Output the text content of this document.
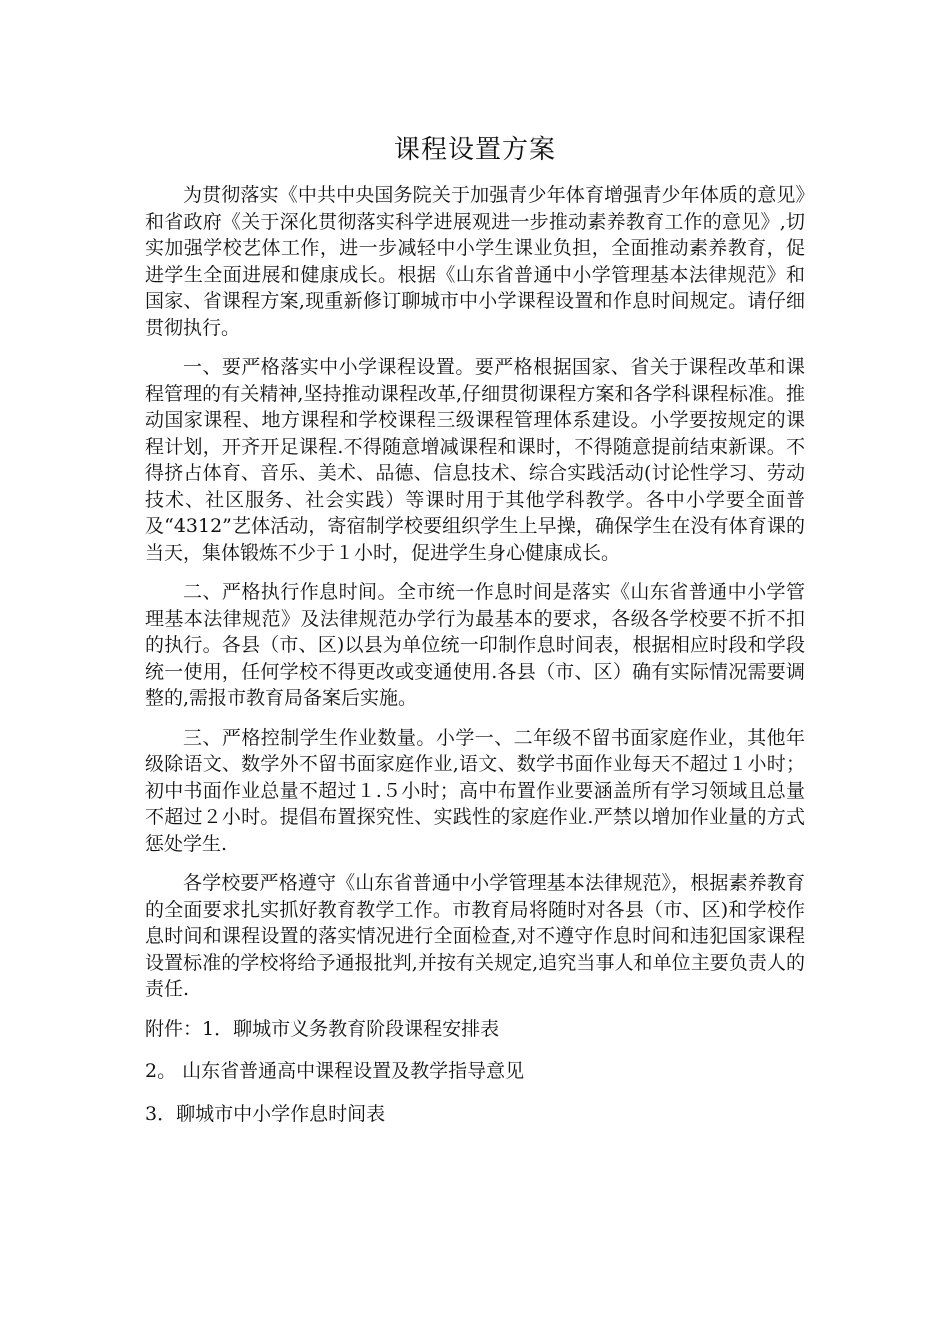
课程设置方案

为贯彻落实《中共中央国务院关于加强青少年体育增强青少年体质的意见》和省政府《关于深化贯彻落实科学进展观进一步推动素养教育工作的意见》,切实加强学校艺体工作，进一步减轻中小学生课业负担，全面推动素养教育，促进学生全面进展和健康成长。根据《山东省普通中小学管理基本法律规范》和国家、省课程方案,现重新修订聊城市中小学课程设置和作息时间规定。请仔细贯彻执行。

一、要严格落实中小学课程设置。要严格根据国家、省关于课程改革和课程管理的有关精神,坚持推动课程改革,仔细贯彻课程方案和各学科课程标准。推动国家课程、地方课程和学校课程三级课程管理体系建设。小学要按规定的课程计划，开齐开足课程.不得随意增减课程和课时，不得随意提前结束新课。不得挤占体育、音乐、美术、品德、信息技术、综合实践活动(讨论性学习、劳动技术、社区服务、社会实践）等课时用于其他学科教学。各中小学要全面普及“4312”艺体活动，寄宿制学校要组织学生上早操，确保学生在没有体育课的当天，集体锻炼不少于１小时，促进学生身心健康成长。

二、严格执行作息时间。全市统一作息时间是落实《山东省普通中小学管理基本法律规范》及法律规范办学行为最基本的要求，各级各学校要不折不扣的执行。各县（市、区)以县为单位统一印制作息时间表，根据相应时段和学段统一使用，任何学校不得更改或变通使用.各县（市、区）确有实际情况需要调整的,需报市教育局备案后实施。

三、严格控制学生作业数量。小学一、二年级不留书面家庭作业，其他年级除语文、数学外不留书面家庭作业,语文、数学书面作业每天不超过１小时；初中书面作业总量不超过１.５小时；高中布置作业要涵盖所有学习领域且总量不超过２小时。提倡布置探究性、实践性的家庭作业.严禁以增加作业量的方式惩处学生.

各学校要严格遵守《山东省普通中小学管理基本法律规范》，根据素养教育的全面要求扎实抓好教育教学工作。市教育局将随时对各县（市、区)和学校作息时间和课程设置的落实情况进行全面检查,对不遵守作息时间和违犯国家课程设置标准的学校将给予通报批判,并按有关规定,追究当事人和单位主要负责人的责任.

附件：1．聊城市义务教育阶段课程安排表
2。 山东省普通高中课程设置及教学指导意见
3．聊城市中小学作息时间表
